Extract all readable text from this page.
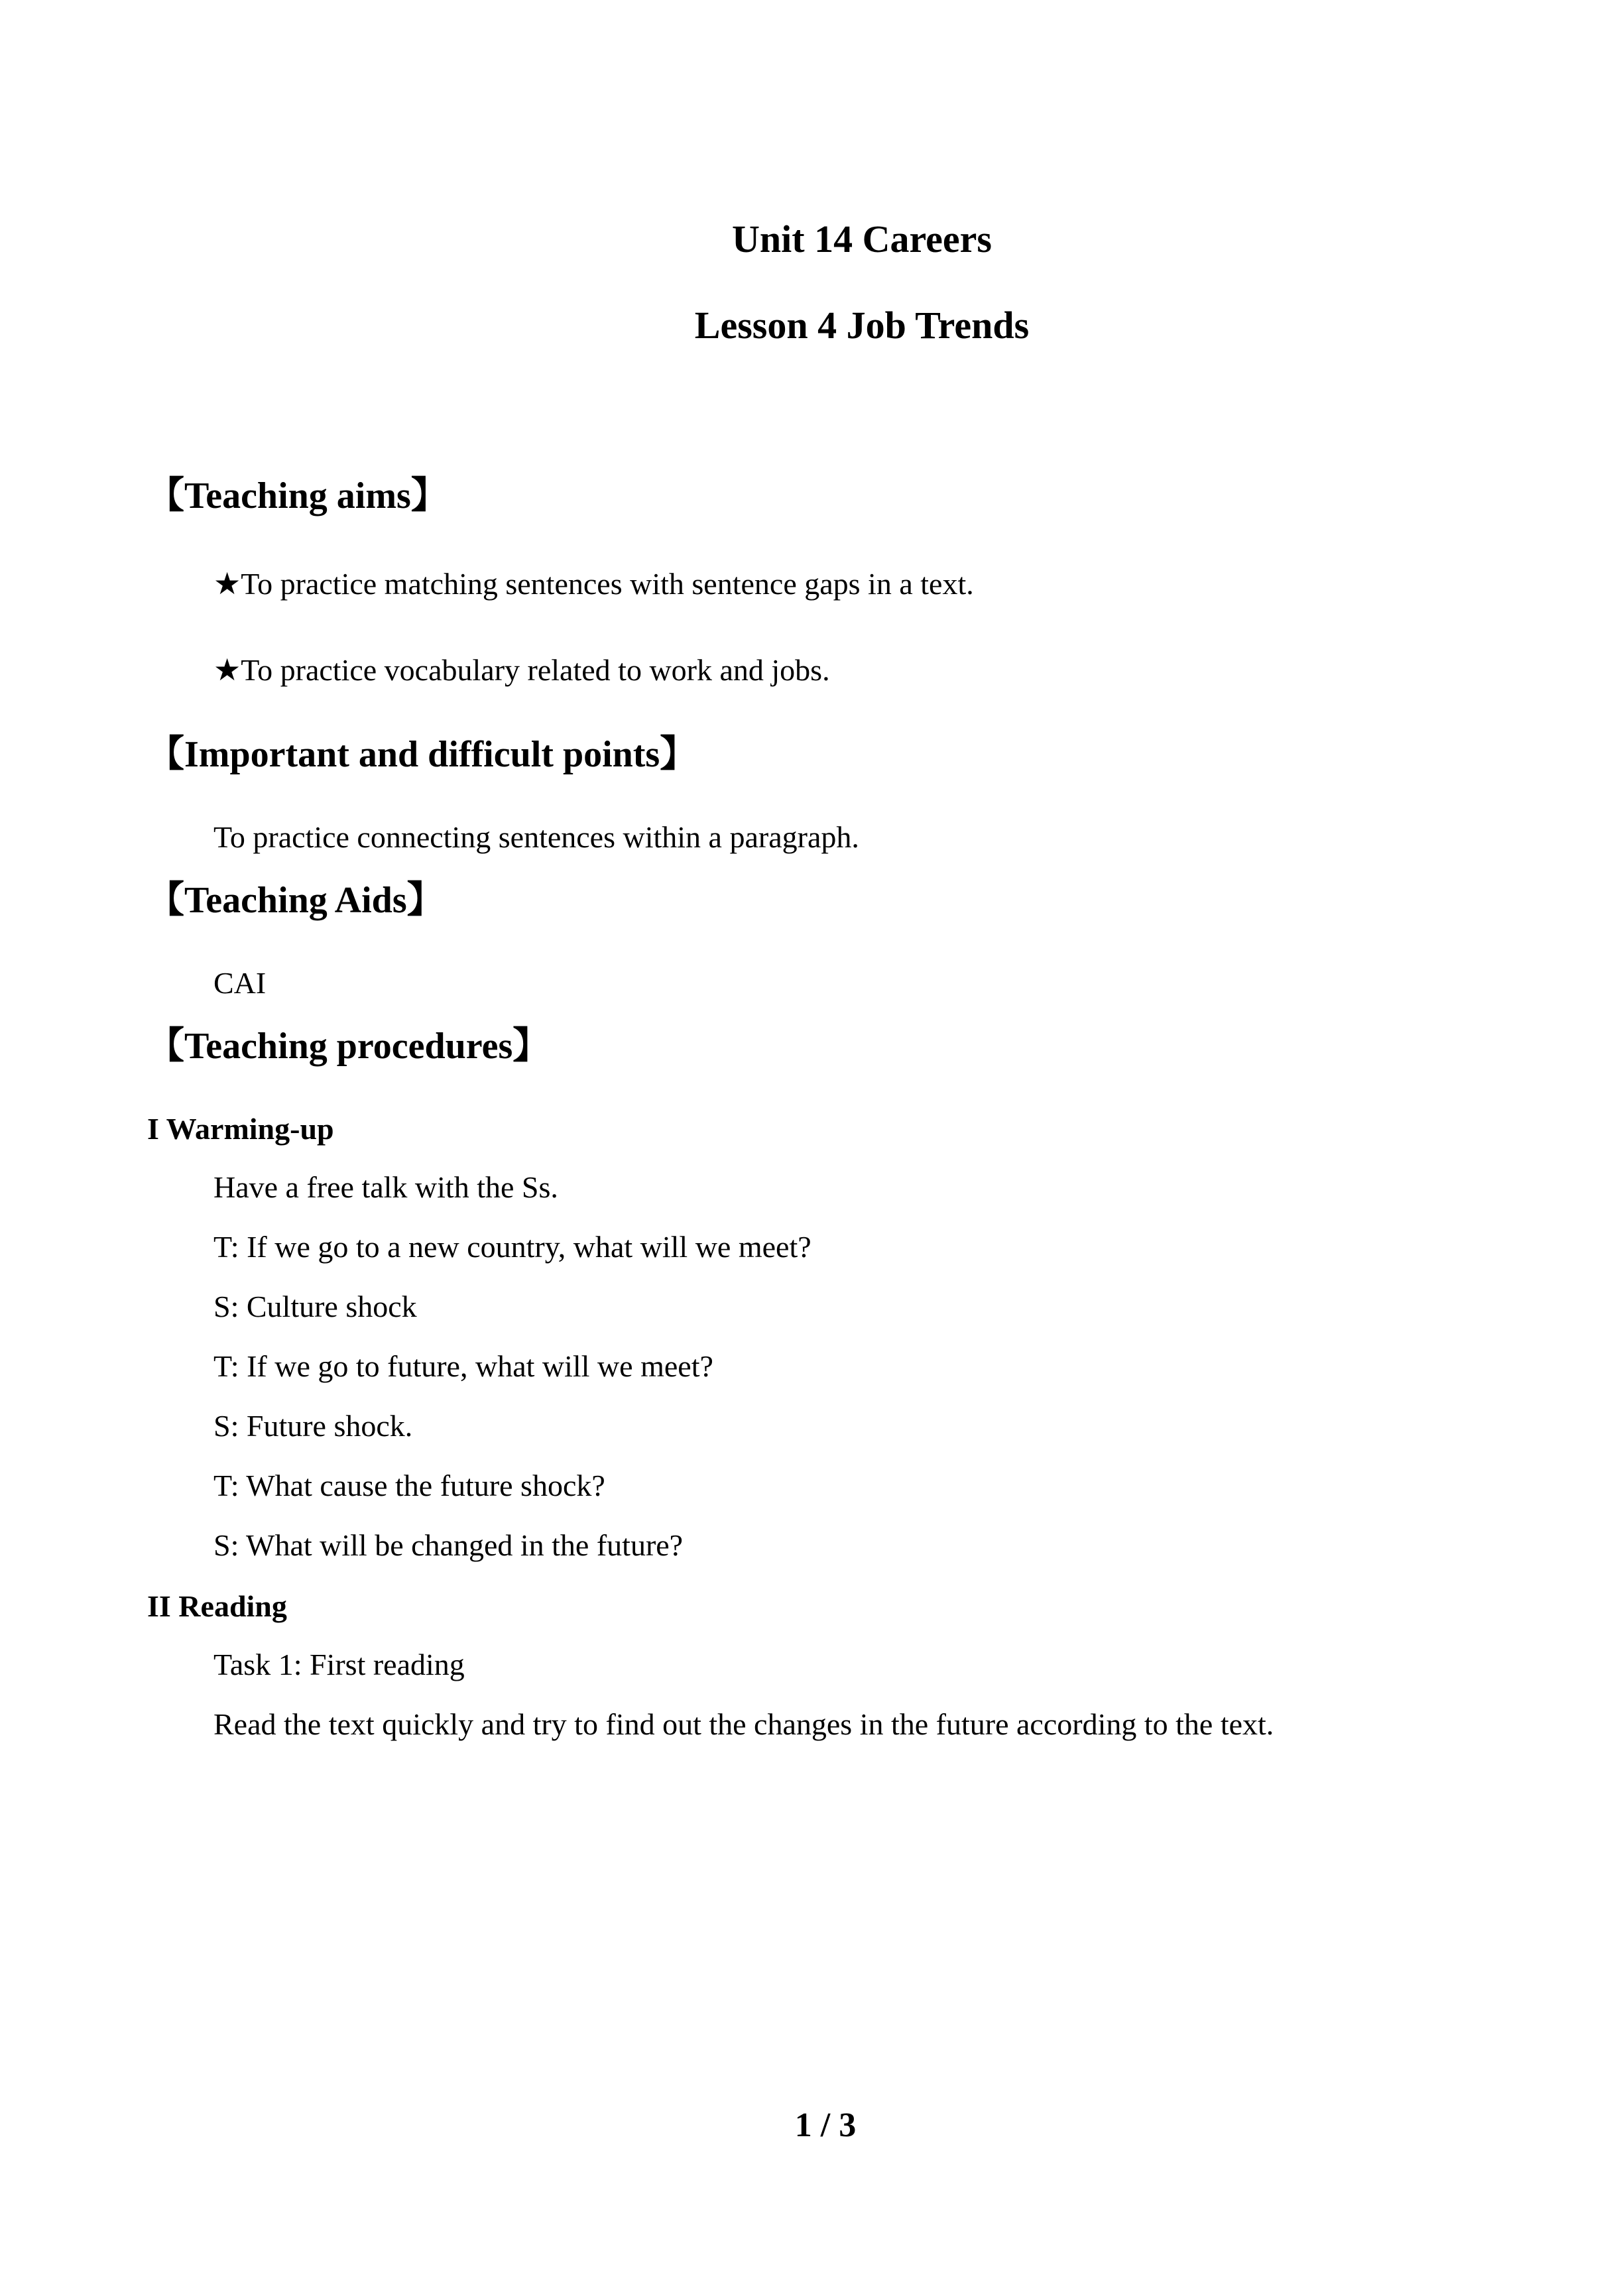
Unit 14 Careers
Lesson 4 Job Trends
【Teaching aims】
★To practice matching sentences with sentence gaps in a text.
★To practice vocabulary related to work and jobs.
【Important and difficult points】
To practice connecting sentences within a paragraph.
【Teaching Aids】
CAI
【Teaching procedures】
I Warming-up
Have a free talk with the Ss.
T: If we go to a new country, what will we meet?
S: Culture shock
T: If we go to future, what will we meet?
S: Future shock.
T: What cause the future shock?
S: What will be changed in the future?
II Reading
Task 1: First reading
Read the text quickly and try to find out the changes in the future according to the text.
1 / 3
